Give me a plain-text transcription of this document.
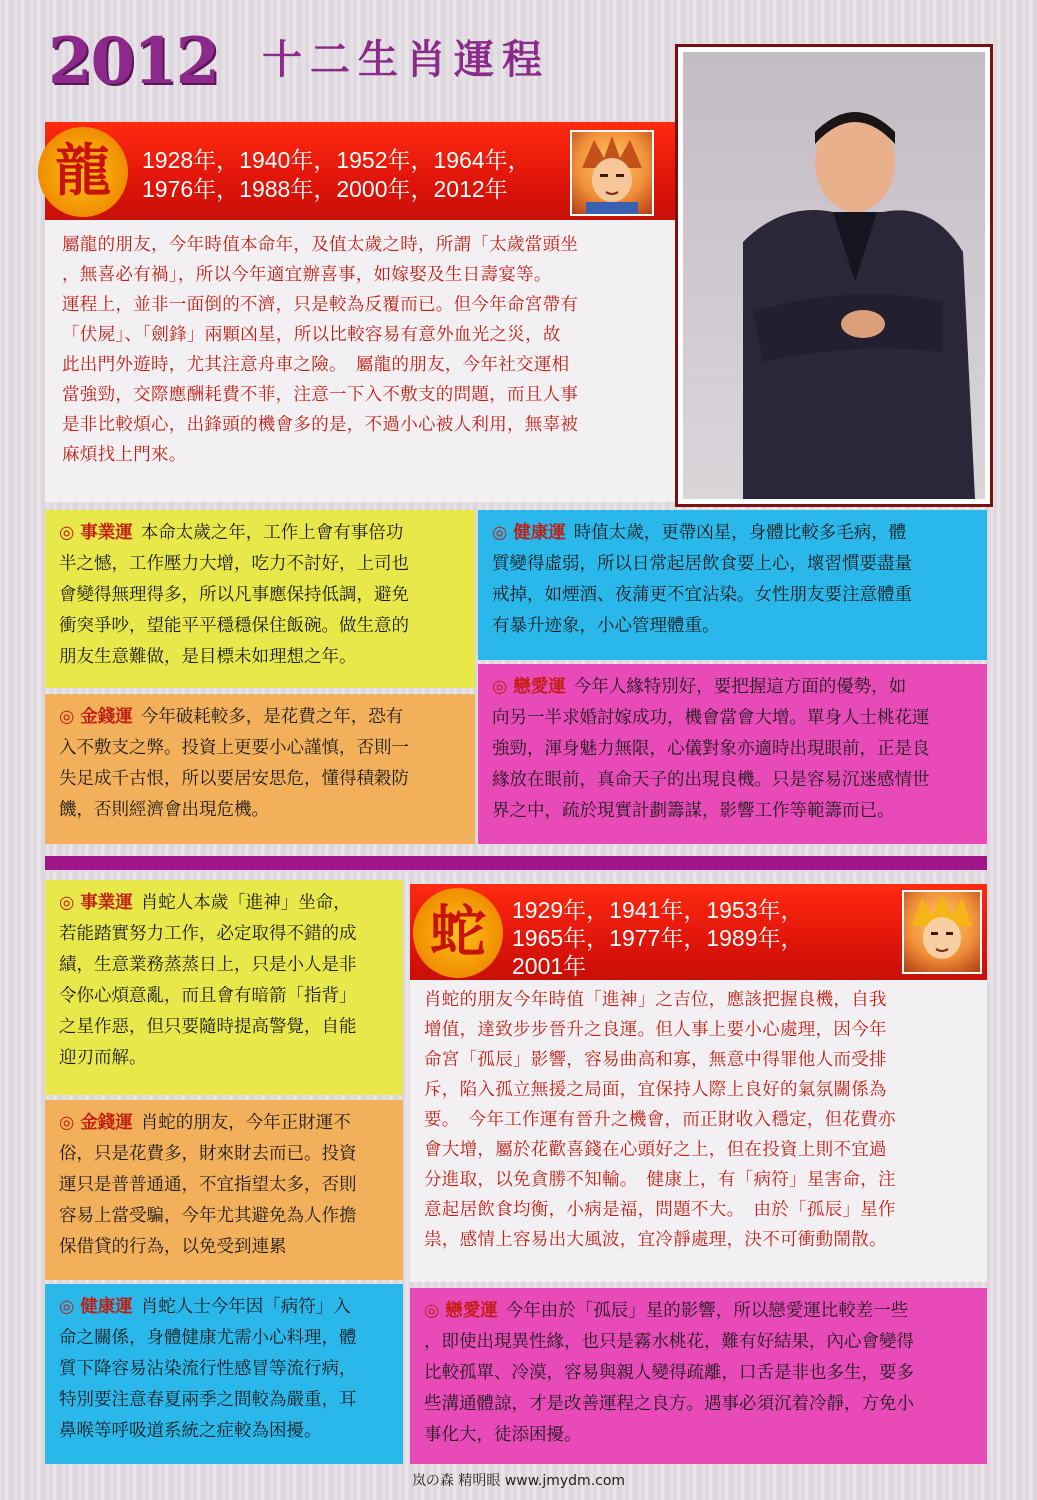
2012 十二生肖運程
龍	1928年，1940年，1952年，1964年，
1976年，1988年，2000年，2012年
屬龍的朋友，今年時值本命年，及值太歲之時，所謂「太歲當頭坐
，無喜必有禍」，所以今年適宜辦喜事，如嫁娶及生日壽宴等。
運程上，並非一面倒的不濟，只是較為反覆而已。但今年命宮帶有
「伏屍」、「劍鋒」兩顆凶星，所以比較容易有意外血光之災，故
此出門外遊時，尤其注意舟車之險。　屬龍的朋友，今年社交運相
當強勁，交際應酬耗費不菲，注意一下入不敷支的問題，而且人事
是非比較煩心，出鋒頭的機會多的是，不過小心被人利用，無辜被
麻煩找上門來。
◎ 事業運 本命太歲之年，工作上會有事倍功
半之憾，工作壓力大增，吃力不討好，上司也
會變得無理得多，所以凡事應保持低調，避免
衝突爭吵，望能平平穩穩保住飯碗。做生意的
朋友生意難做，是目標未如理想之年。
◎ 金錢運 今年破耗較多，是花費之年，恐有
入不敷支之弊。投資上更要小心謹慎，否則一
失足成千古恨，所以要居安思危，懂得積穀防
饑，否則經濟會出現危機。
◎ 健康運 時值太歲，更帶凶星，身體比較多毛病，體
質變得虛弱，所以日常起居飲食要上心，壞習慣要盡量
戒掉，如煙酒、夜蒲更不宜沾染。女性朋友要注意體重
有暴升迹象，小心管理體重。
◎ 戀愛運 今年人緣特別好，要把握這方面的優勢，如
向另一半求婚討嫁成功，機會當會大增。單身人士桃花運
強勁，渾身魅力無限，心儀對象亦適時出現眼前，正是良
緣放在眼前，真命天子的出現良機。只是容易沉迷感情世
界之中，疏於現實計劃籌謀，影響工作等範籌而已。
◎ 事業運 肖蛇人本歲「進神」坐命，
若能踏實努力工作，必定取得不錯的成
績，生意業務蒸蒸日上，只是小人是非
令你心煩意亂，而且會有暗箭「指背」
之星作惡，但只要隨時提高警覺，自能
迎刃而解。
◎ 金錢運 肖蛇的朋友，今年正財運不
俗，只是花費多，財來財去而已。投資
運只是普普通通，不宜指望太多，否則
容易上當受騙，今年尤其避免為人作擔
保借貸的行為，以免受到連累
◎ 健康運 肖蛇人士今年因「病符」入
命之關係，身體健康尤需小心料理，體
質下降容易沾染流行性感冒等流行病，
特別要注意春夏兩季之間較為嚴重，耳
鼻喉等呼吸道系統之症較為困擾。
蛇	1929年，1941年，1953年，
1965年，1977年，1989年，
2001年
肖蛇的朋友今年時值「進神」之吉位，應該把握良機，自我
增值，達致步步晉升之良運。但人事上要小心處理，因今年
命宮「孤辰」影響，容易曲高和寡，無意中得罪他人而受排
斥，陷入孤立無援之局面，宜保持人際上良好的氣氛關係為
要。　今年工作運有晉升之機會，而正財收入穩定，但花費亦
會大增，屬於花歡喜錢在心頭好之上，但在投資上則不宜過
分進取，以免貪勝不知輸。　健康上，有「病符」星害命，注
意起居飲食均衡，小病是福，問題不大。　由於「孤辰」星作
祟，感情上容易出大風波，宜冷靜處理，決不可衝動鬧散。
◎ 戀愛運 今年由於「孤辰」星的影響，所以戀愛運比較差一些
，即使出現異性緣，也只是霧水桃花，難有好結果，內心會變得
比較孤單、冷漠，容易與親人變得疏離，口舌是非也多生，要多
些溝通體諒，才是改善運程之良方。遇事必須沉着冷靜，方免小
事化大，徒添困擾。
岚の森 精明眼 www.jmydm.com
